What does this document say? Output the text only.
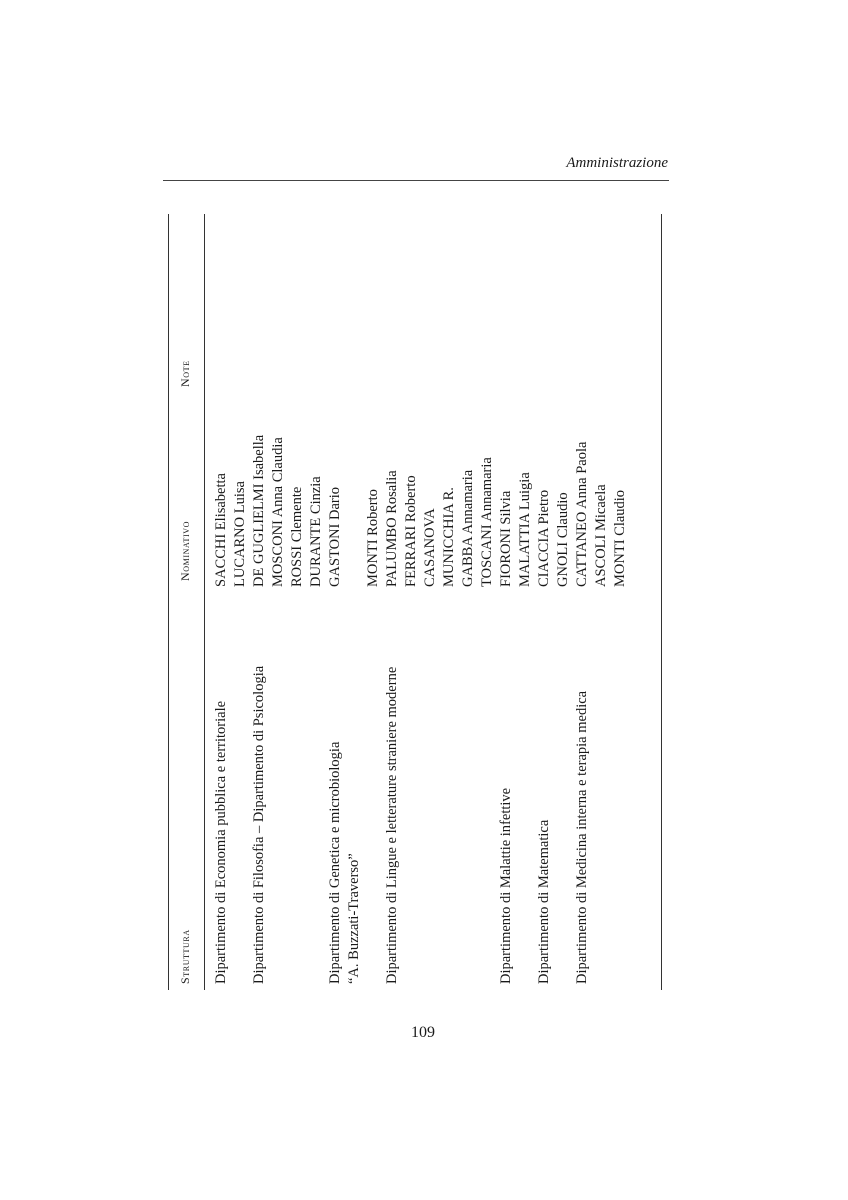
Amministrazione
Struttura
Nominativo
Note
Dipartimento di Economia pubblica e territoriale
SACCHI Elisabetta LUCARNO Luisa
Dipartimento di Filosofia – Dipartimento di Psicologia
DE GUGLIELMI Isabella MOSCONI Anna Claudia ROSSI Clemente DURANTE Cinzia
Dipartimento di Genetica e microbiologia “A. Buzzati-Traverso”
GASTONI Dario
MONTI Roberto
Dipartimento di Lingue e letterature straniere moderne
PALUMBO Rosalia FERRARI Roberto CASANOVA MUNICCHIA R. GABBA Annamaria TOSCANI Annamaria
Dipartimento di Malattie infettive
FIORONI Silvia MALATTIA Luigia
Dipartimento di Matematica
CIACCIA Pietro GNOLI Claudio
Dipartimento di Medicina interna e terapia medica
CATTANEO Anna Paola ASCOLI Micaela MONTI Claudio
109
